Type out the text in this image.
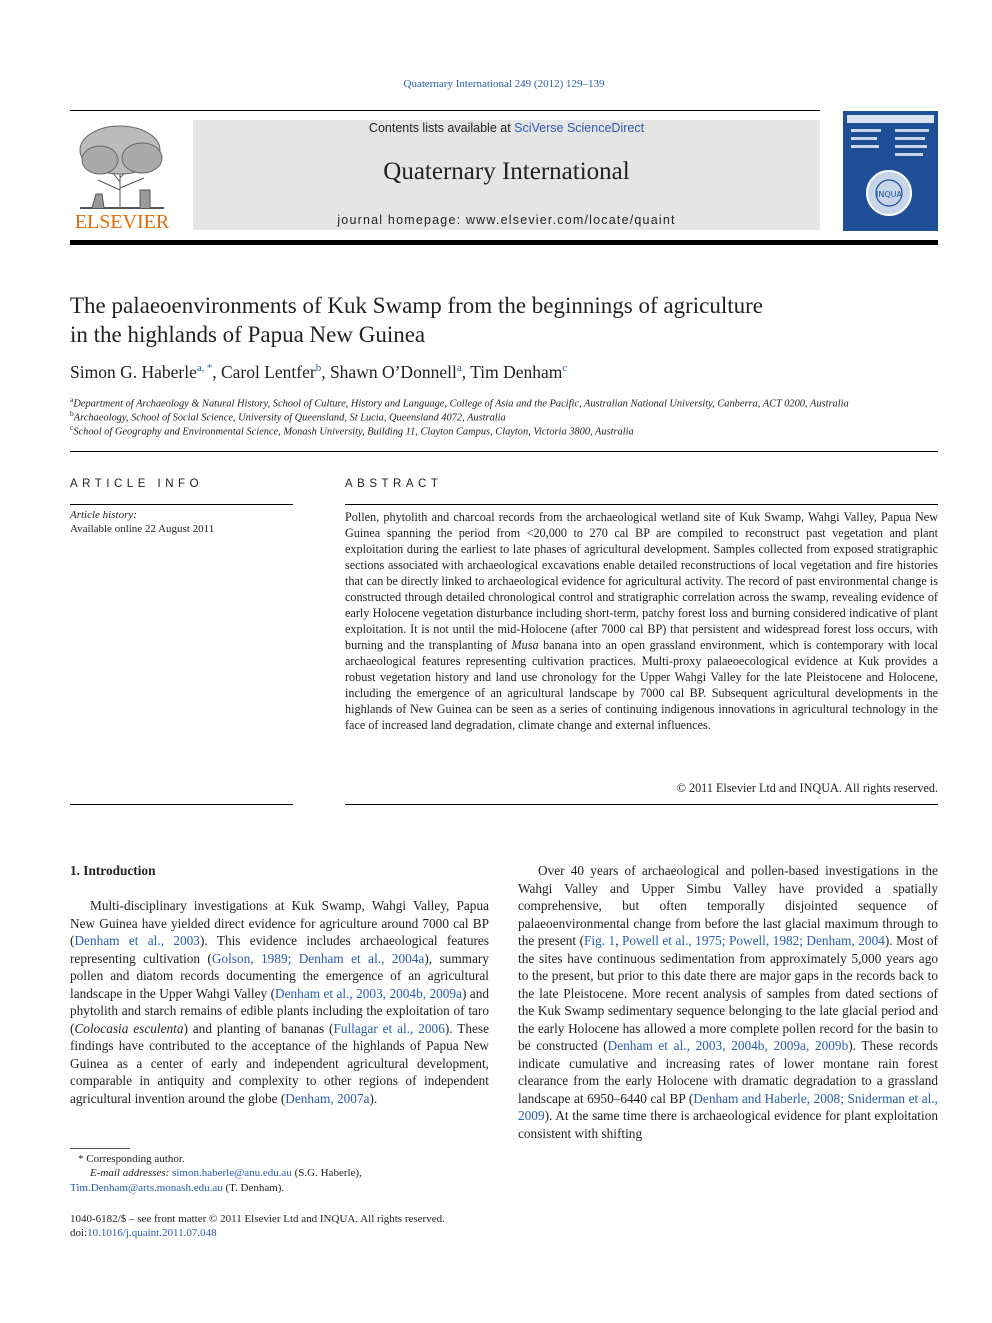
Quaternary International 249 (2012) 129–139
ELSEVIER
Contents lists available at SciVerse ScienceDirect
Quaternary International
journal homepage: www.elsevier.com/locate/quaint
INQUA
The palaeoenvironments of Kuk Swamp from the beginnings of agriculture
in the highlands of Papua New Guinea
Simon G. Haberle$^{a, *}$, Carol Lentfer$^b$, Shawn O’Donnell$^a$, Tim Denham$^c$
$^a$Department of Archaeology & Natural History, School of Culture, History and Language, College of Asia and the Pacific, Australian National University, Canberra, ACT 0200, Australia
$^b$Archaeology, School of Social Science, University of Queensland, St Lucia, Queensland 4072, Australia
$^c$School of Geography and Environmental Science, Monash University, Building 11, Clayton Campus, Clayton, Victoria 3800, Australia
ARTICLE INFO
Article history:
Available online 22 August 2011
ABSTRACT
Pollen, phytolith and charcoal records from the archaeological wetland site of Kuk Swamp, Wahgi Valley, Papua New Guinea spanning the period from <20,000 to 270 cal BP are compiled to reconstruct past vegetation and plant exploitation during the earliest to late phases of agricultural development. Samples collected from exposed stratigraphic sections associated with archaeological excavations enable detailed reconstructions of local vegetation and fire histories that can be directly linked to archaeological evidence for agricultural activity. The record of past environmental change is constructed through detailed chronological control and stratigraphic correlation across the swamp, revealing evidence of early Holocene vegetation disturbance including short-term, patchy forest loss and burning considered indicative of plant exploitation. It is not until the mid-Holocene (after 7000 cal BP) that persistent and widespread forest loss occurs, with burning and the transplanting of Musa banana into an open grassland environment, which is contemporary with local archaeological features representing cultivation practices. Multi-proxy palaeoecological evidence at Kuk provides a robust vegetation history and land use chronology for the Upper Wahgi Valley for the late Pleistocene and Holocene, including the emergence of an agricultural landscape by 7000 cal BP. Subsequent agricultural developments in the highlands of New Guinea can be seen as a series of continuing indigenous innovations in agricultural technology in the face of increased land degradation, climate change and external influences.
© 2011 Elsevier Ltd and INQUA. All rights reserved.
1. Introduction

Multi-disciplinary investigations at Kuk Swamp, Wahgi Valley, Papua New Guinea have yielded direct evidence for agriculture around 7000 cal BP (Denham et al., 2003). This evidence includes archaeological features representing cultivation (Golson, 1989; Denham et al., 2004a), summary pollen and diatom records documenting the emergence of an agricultural landscape in the Upper Wahgi Valley (Denham et al., 2003, 2004b, 2009a) and phytolith and starch remains of edible plants including the exploitation of taro (Colocasia esculenta) and planting of bananas (Fullagar et al., 2006). These findings have contributed to the acceptance of the highlands of Papua New Guinea as a center of early and independent agricultural development, comparable in antiquity and complexity to other regions of independent agricultural invention around the globe (Denham, 2007a).

Over 40 years of archaeological and pollen-based investigations in the Wahgi Valley and Upper Simbu Valley have provided a spatially comprehensive, but often temporally disjointed sequence of palaeoenvironmental change from before the last glacial maximum through to the present (Fig. 1, Powell et al., 1975; Powell, 1982; Denham, 2004). Most of the sites have continuous sedimentation from approximately 5,000 years ago to the present, but prior to this date there are major gaps in the records back to the late Pleistocene. More recent analysis of samples from dated sections of the Kuk Swamp sedimentary sequence belonging to the late glacial period and the early Holocene has allowed a more complete pollen record for the basin to be constructed (Denham et al., 2003, 2004b, 2009a, 2009b). These records indicate cumulative and increasing rates of lower montane rain forest clearance from the early Holocene with dramatic degradation to a grassland landscape at 6950–6440 cal BP (Denham and Haberle, 2008; Sniderman et al., 2009). At the same time there is archaeological evidence for plant exploitation consistent with shifting

* Corresponding author.
E-mail addresses: simon.haberle@anu.edu.au (S.G. Haberle), Tim.Denham@arts.monash.edu.au (T. Denham).
1040-6182/$ – see front matter © 2011 Elsevier Ltd and INQUA. All rights reserved.
doi:10.1016/j.quaint.2011.07.048
